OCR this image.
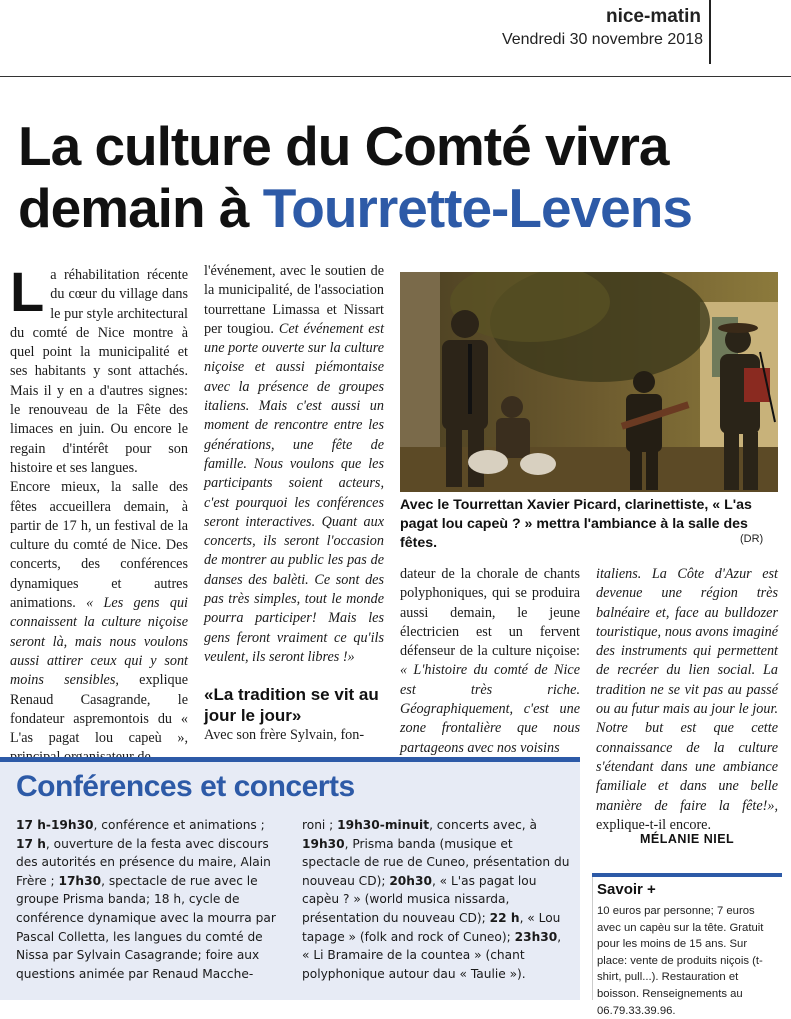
nice-matin
Vendredi 30 novembre 2018
La culture du Comté vivra demain à Tourrette-Levens

La réhabilitation récente du cœur du village dans le pur style architectural du comté de Nice montre à quel point la municipalité et ses habitants y sont attachés. Mais il y en a d'autres signes: le renouveau de la Fête des limaces en juin. Ou encore le regain d'intérêt pour son histoire et ses langues.

Encore mieux, la salle des fêtes accueillera demain, à partir de 17 h, un festival de la culture du comté de Nice. Des concerts, des conférences dynamiques et autres animations. « Les gens qui connaissent la culture niçoise seront là, mais nous voulons aussi attirer ceux qui y sont moins sensibles, explique Renaud Casagrande, le fondateur aspremontois du « L'as pagat lou capeù »,

l'événement, avec le soutien de la municipalité, de l'association tourrettane Limassa et Nissart per tougiou. Cet événement est une porte ouverte sur la culture niçoise et aussi piémontaise avec la présence de groupes italiens. Mais c'est aussi un moment de rencontre entre les générations, une fête de famille. Nous voulons que les participants soient acteurs, c'est pourquoi les conférences seront interactives. Quant aux concerts, ils seront l'occasion de montrer au public les pas de danses des balèti. Ce sont des pas très simples, tout le monde pourra participer! Mais les gens feront vraiment ce qu'ils veulent, ils seront libres !»

«La tradition se vit au jour le jour»
Avec son frère Sylvain, fon-
Avec le Tourrettan Xavier Picard, clarinettiste, « L'as pagat lou capeù ? » mettra l'ambiance à la salle des fêtes.	(DR)

dateur de la chorale de chants polyphoniques, qui se produira aussi demain, le jeune électricien est un fervent défenseur de la culture niçoise: « L'histoire du comté de Nice est très riche. Géographiquement, c'est une zone frontalière que nous partageons avec nos voisins

italiens. La Côte d'Azur est devenue une région très balnéaire et, face au bulldozer touristique, nous avons imaginé des instruments qui permettent de recréer du lien social. La tradition ne se vit pas au passé ou au futur mais au jour le jour. Notre but est que cette connaissance de la culture s'étendant dans une ambiance familiale et dans une belle manière de faire la fête!», explique-t-il encore.

MÉLANIE NIEL
Conférences et concerts
17 h-19h30, conférence et animations ; 17 h, ouverture de la festa avec discours des autorités en présence du maire, Alain Frère ; 17h30, spectacle de rue avec le groupe Prisma banda; 18 h, cycle de conférence dynamique avec la mourra par Pascal Colletta, les langues du comté de Nissa par Sylvain Casagrande; foire aux questions animée par Renaud Macche-
roni ; 19h30-minuit, concerts avec, à 19h30, Prisma banda (musique et spectacle de rue de Cuneo, présentation du nouveau CD); 20h30, « L'as pagat lou capèu ? » (world musica nissarda, présentation du nouveau CD); 22 h, « Lou tapage » (folk and rock of Cuneo); 23h30, « Li Bramaire de la countea » (chant polyphonique autour dau « Taulie »).
Savoir +
10 euros par personne; 7 euros avec un capèu sur la tête. Gratuit pour les moins de 15 ans. Sur place: vente de produits niçois (t-shirt, pull...). Restauration et boisson. Renseignements au 06.79.33.39.96.
